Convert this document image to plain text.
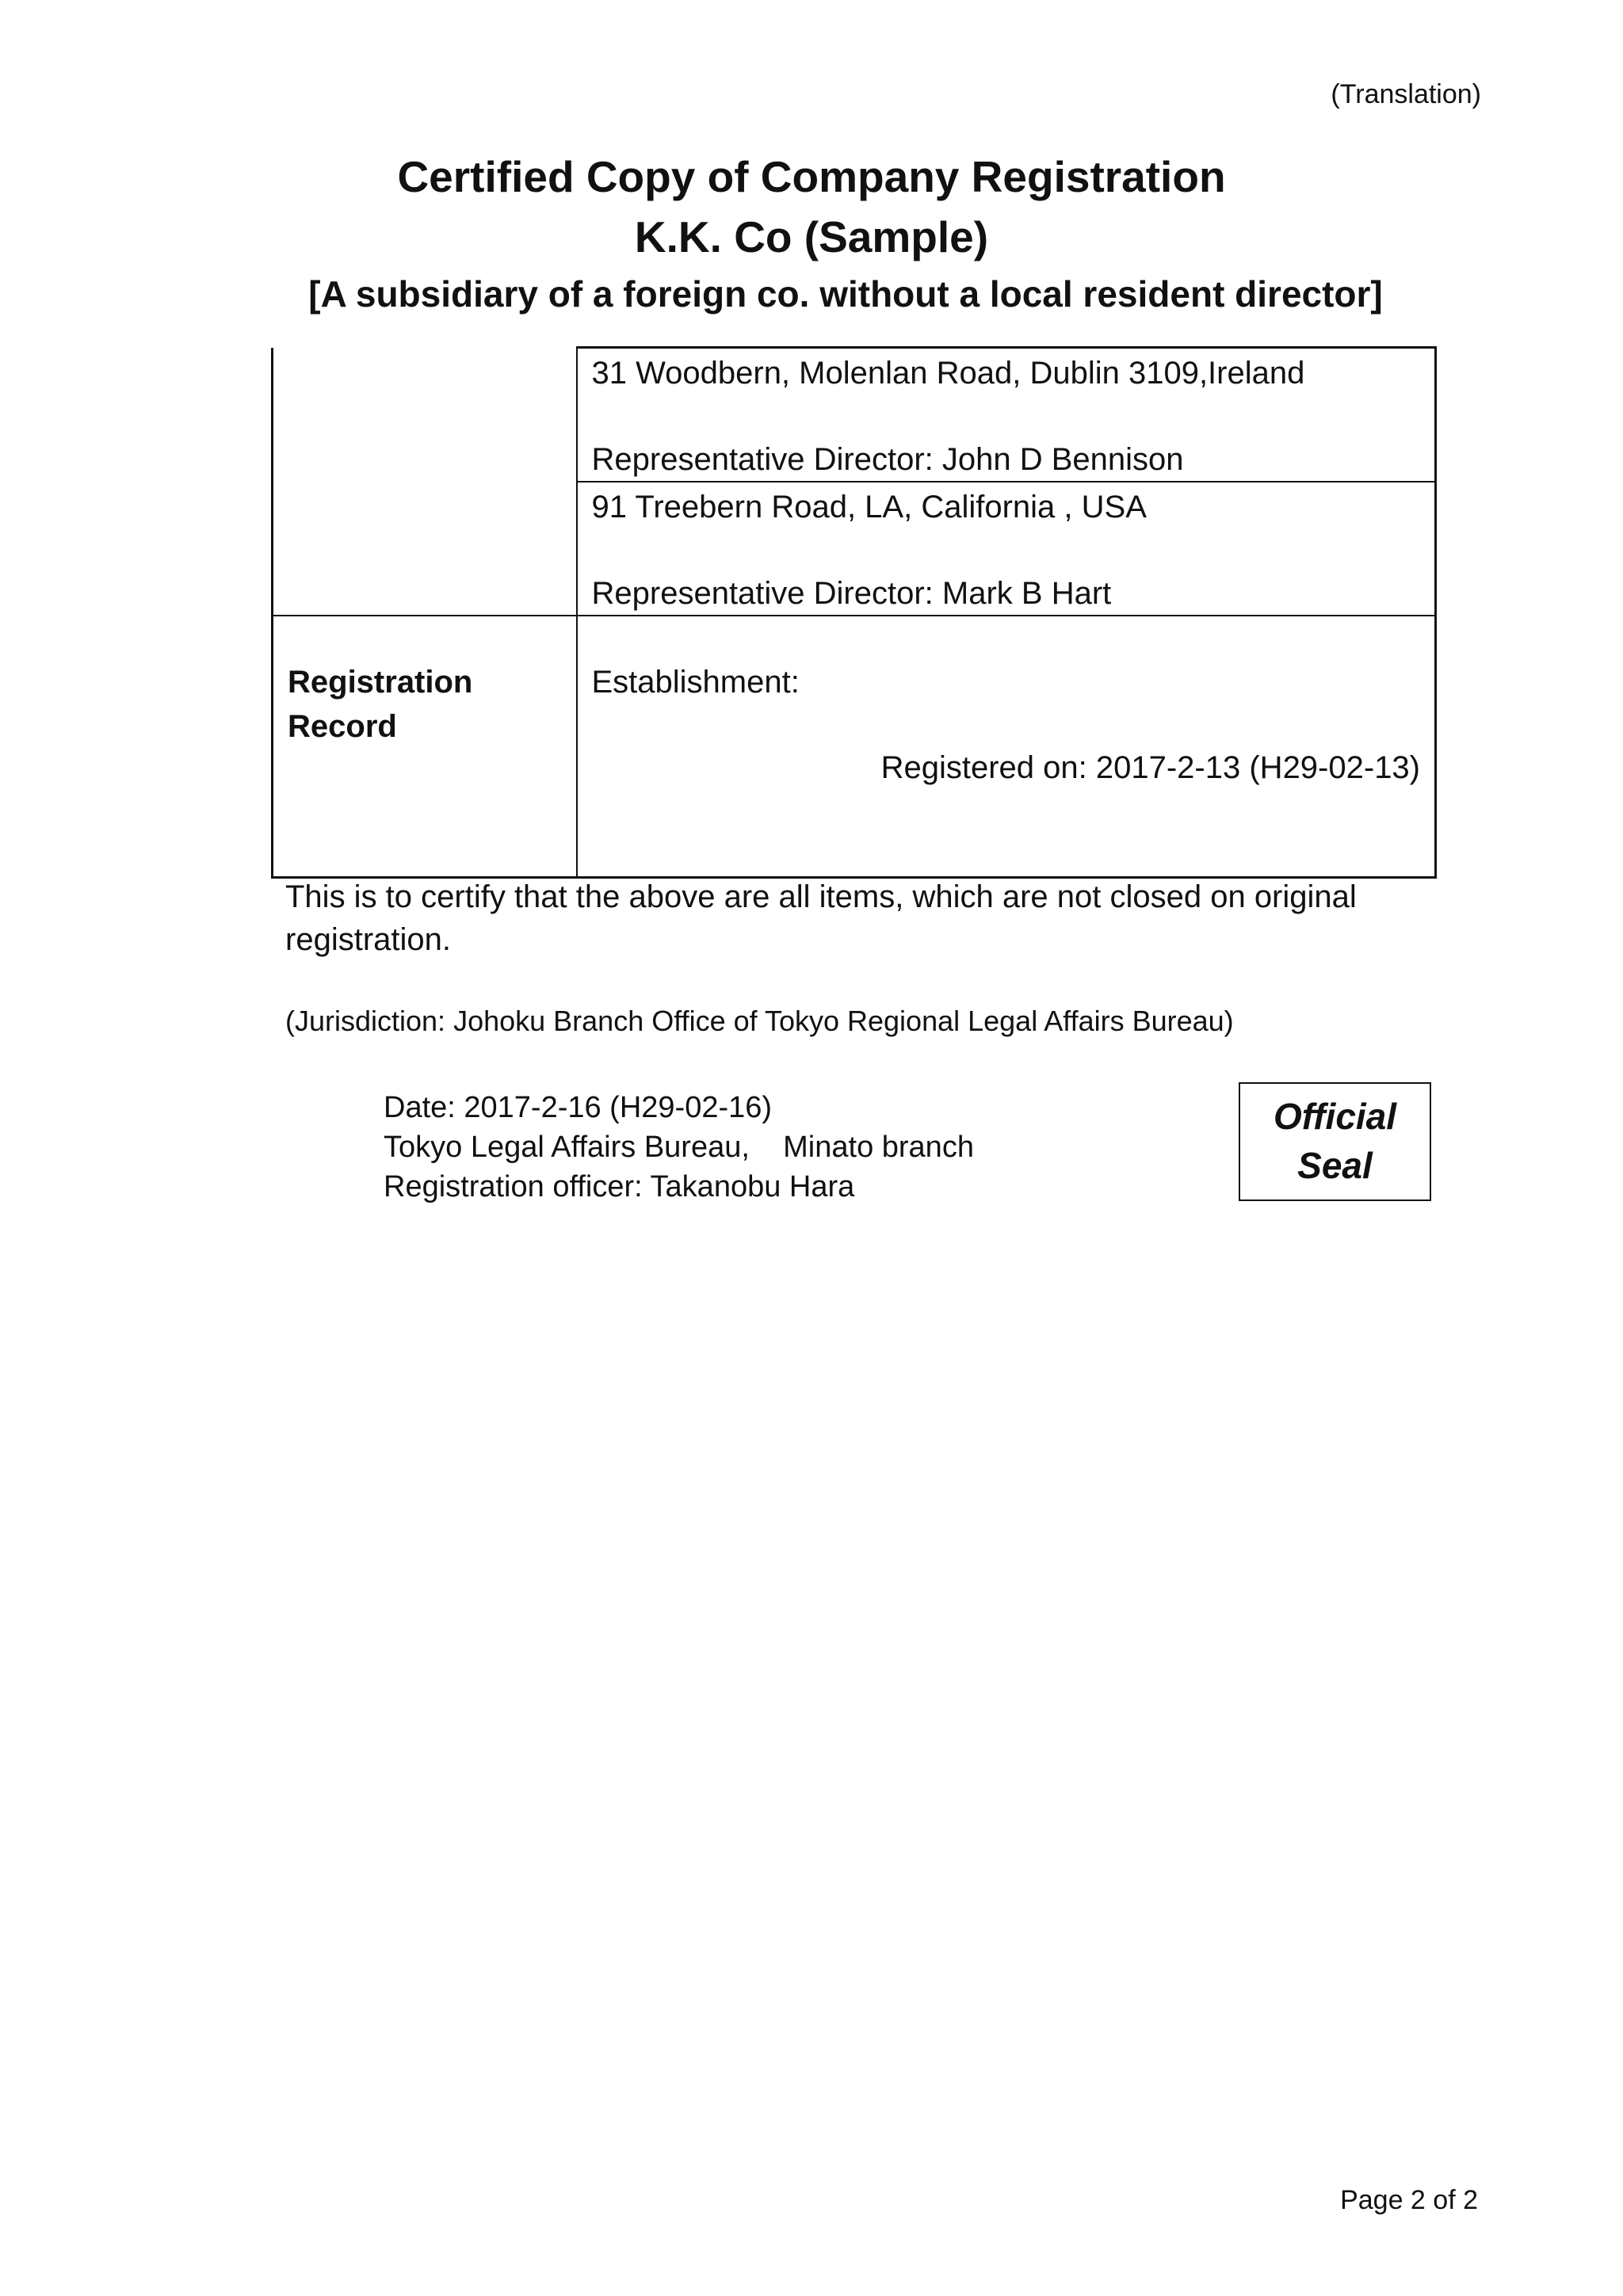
(Translation)
Certified Copy of Company Registration
K.K. Co (Sample)
[A subsidiary of a foreign co. without a local resident director]

	31 Woodbern, Molenlan Road, Dublin 3109,Ireland
Representative Director: John D Bennison

	91 Treebern Road, LA, California , USA
Representative Director: Mark B Hart

Registration Record	Establishment:
Registered on: 2017-2-13 (H29-02-13)
This is to certify that the above are all items, which are not closed on original registration.
(Jurisdiction: Johoku Branch Office of Tokyo Regional Legal Affairs Bureau)
Date: 2017-2-16 (H29-02-16)
Tokyo Legal Affairs Bureau,    Minato branch
Registration officer: Takanobu Hara
Official
Seal
Page 2 of 2
